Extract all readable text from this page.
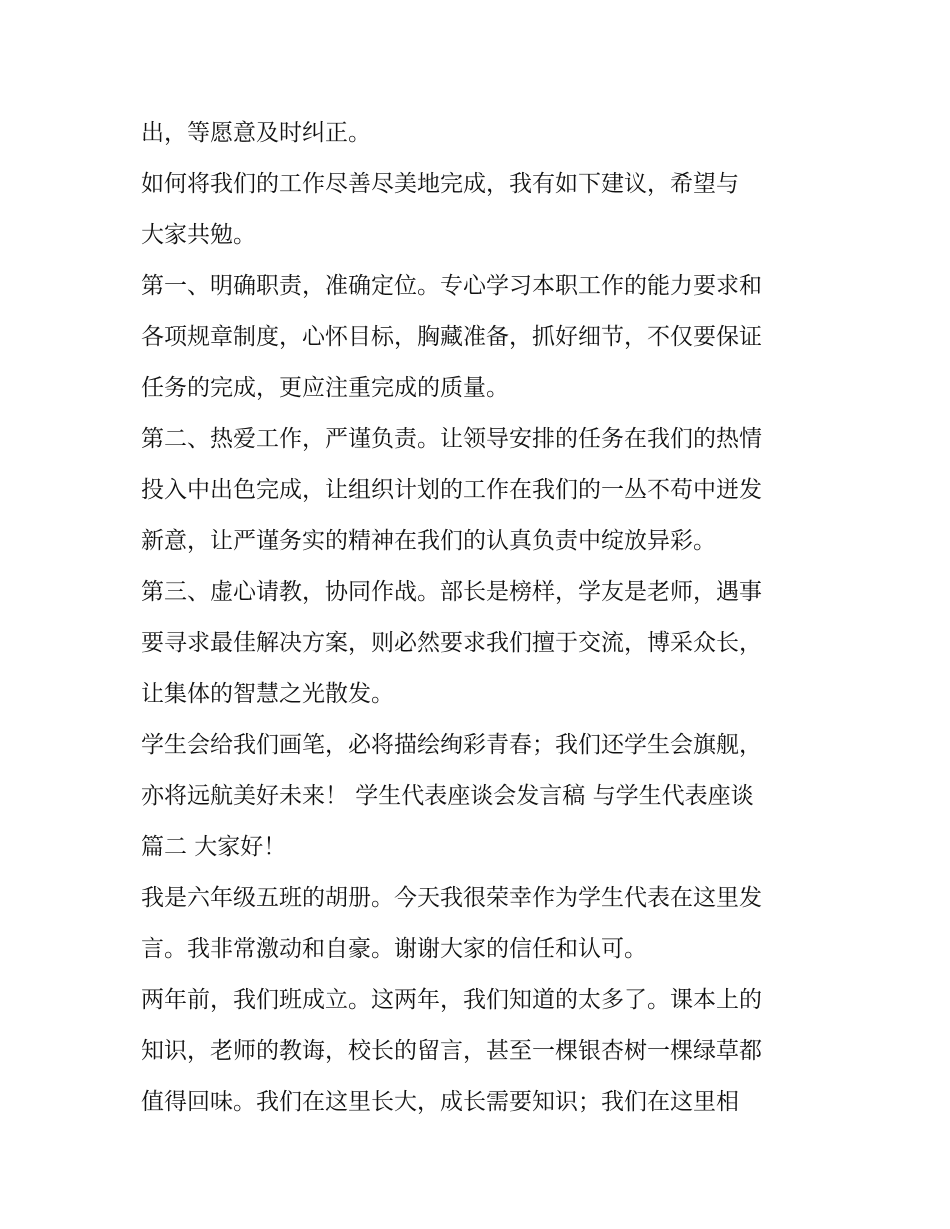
出，等愿意及时纠正。
如何将我们的工作尽善尽美地完成，我有如下建议，希望与
大家共勉。
第一、明确职责，准确定位。专心学习本职工作的能力要求和
各项规章制度，心怀目标，胸藏准备，抓好细节，不仅要保证
任务的完成，更应注重完成的质量。
第二、热爱工作，严谨负责。让领导安排的任务在我们的热情
投入中出色完成，让组织计划的工作在我们的一丛不苟中迸发
新意，让严谨务实的精神在我们的认真负责中绽放异彩。
第三、虚心请教，协同作战。部长是榜样，学友是老师，遇事
要寻求最佳解决方案，则必然要求我们擅于交流，博采众长，
让集体的智慧之光散发。
学生会给我们画笔，必将描绘绚彩青春；我们还学生会旗舰，
亦将远航美好未来！ 学生代表座谈会发言稿 与学生代表座谈
篇二 大家好！
我是六年级五班的胡册。今天我很荣幸作为学生代表在这里发
言。我非常激动和自豪。谢谢大家的信任和认可。
两年前，我们班成立。这两年，我们知道的太多了。课本上的
知识，老师的教诲，校长的留言，甚至一棵银杏树一棵绿草都
值得回味。我们在这里长大，成长需要知识；我们在这里相
